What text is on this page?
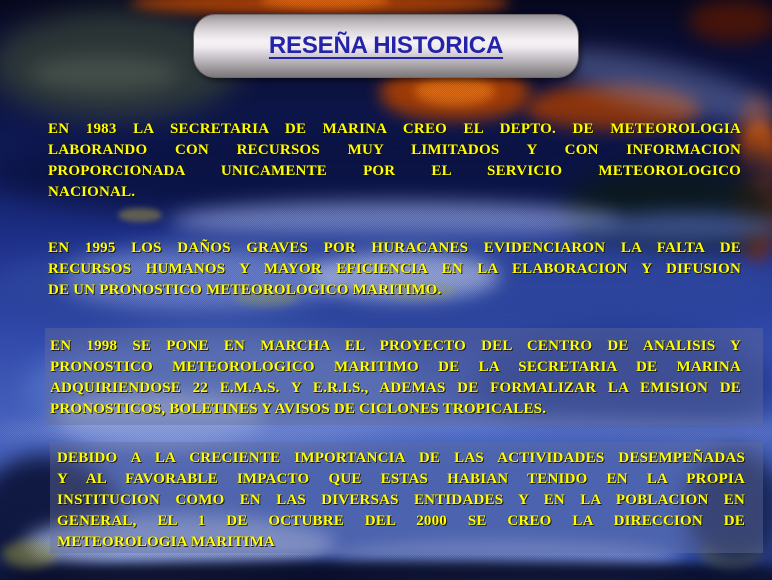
RESEÑA HISTORICA
EN 1983 LA SECRETARIA DE MARINA CREO EL DEPTO. DE METEOROLOGIA
LABORANDO CON RECURSOS MUY LIMITADOS Y CON INFORMACION
PROPORCIONADA UNICAMENTE POR EL SERVICIO METEOROLOGICO
NACIONAL.
EN 1995 LOS DAÑOS GRAVES POR HURACANES EVIDENCIARON LA FALTA DE
RECURSOS HUMANOS Y MAYOR EFICIENCIA EN LA ELABORACION Y DIFUSION
DE UN PRONOSTICO METEOROLOGICO MARITIMO.
EN 1998 SE PONE EN MARCHA EL PROYECTO DEL CENTRO DE ANALISIS Y
PRONOSTICO METEOROLOGICO MARITIMO DE LA SECRETARIA DE MARINA
ADQUIRIENDOSE 22 E.M.A.S. Y E.R.I.S., ADEMAS DE FORMALIZAR LA EMISION DE
PRONOSTICOS, BOLETINES Y AVISOS DE CICLONES TROPICALES.
DEBIDO A LA CRECIENTE IMPORTANCIA DE LAS ACTIVIDADES DESEMPEÑADAS
Y AL FAVORABLE IMPACTO QUE ESTAS HABIAN TENIDO EN LA PROPIA
INSTITUCION COMO EN LAS DIVERSAS ENTIDADES Y EN LA POBLACION EN
GENERAL, EL 1 DE OCTUBRE DEL 2000 SE CREO LA DIRECCION DE
METEOROLOGIA MARITIMA
